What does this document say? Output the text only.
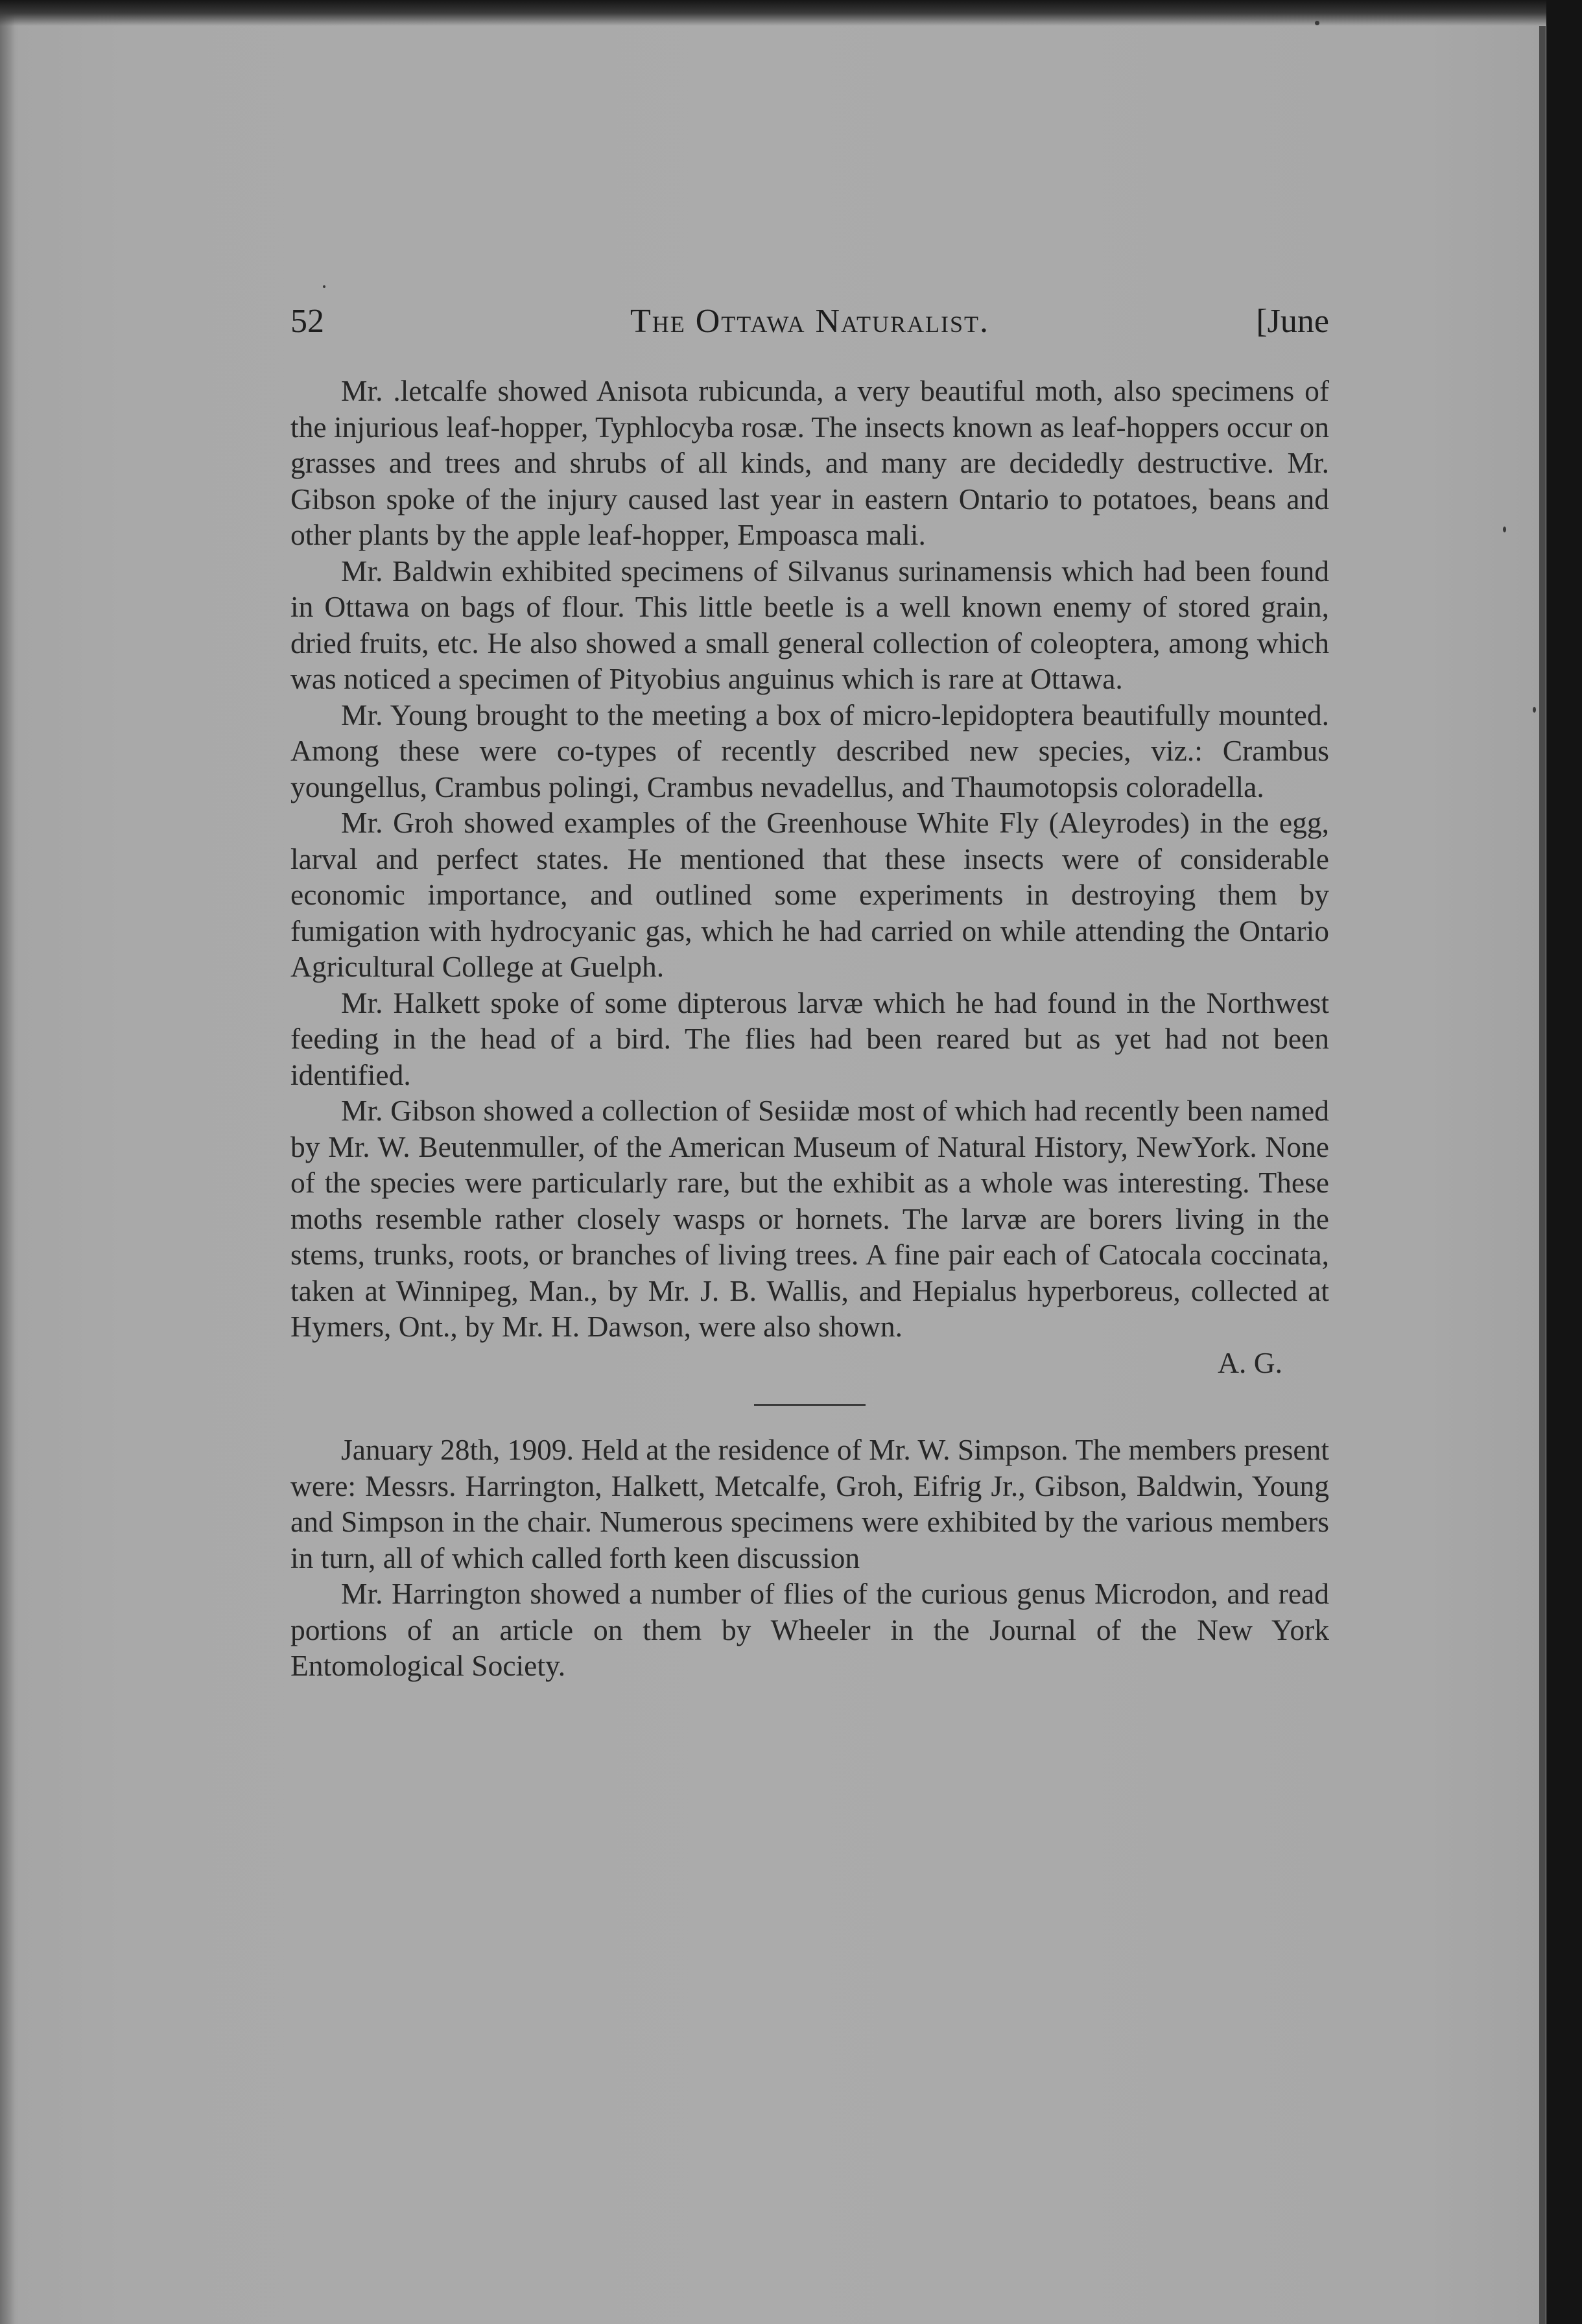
52	The Ottawa Naturalist.	[June

Mr. .letcalfe showed Anisota rubicunda, a very beautiful moth, also specimens of the injurious leaf-hopper, Typhlocyba rosæ. The insects known as leaf-hoppers occur on grasses and trees and shrubs of all kinds, and many are decidedly destructive. Mr. Gibson spoke of the injury caused last year in eastern Ontario to potatoes, beans and other plants by the apple leaf-hopper, Empoasca mali.

Mr. Baldwin exhibited specimens of Silvanus surinamensis which had been found in Ottawa on bags of flour. This little beetle is a well known enemy of stored grain, dried fruits, etc. He also showed a small general collection of coleoptera, among which was noticed a specimen of Pityobius anguinus which is rare at Ottawa.

Mr. Young brought to the meeting a box of micro-lepidoptera beautifully mounted. Among these were co-types of recently described new species, viz.: Crambus youngellus, Crambus polingi, Crambus nevadellus, and Thaumotopsis coloradella.

Mr. Groh showed examples of the Greenhouse White Fly (Aleyrodes) in the egg, larval and perfect states. He mentioned that these insects were of considerable economic importance, and outlined some experiments in destroying them by fumigation with hydrocyanic gas, which he had carried on while attending the Ontario Agricultural College at Guelph.

Mr. Halkett spoke of some dipterous larvæ which he had found in the Northwest feeding in the head of a bird. The flies had been reared but as yet had not been identified.

Mr. Gibson showed a collection of Sesiidæ most of which had recently been named by Mr. W. Beutenmuller, of the American Museum of Natural History, NewYork. None of the species were particularly rare, but the exhibit as a whole was interesting. These moths resemble rather closely wasps or hornets. The larvæ are borers living in the stems, trunks, roots, or branches of living trees. A fine pair each of Catocala coccinata, taken at Winnipeg, Man., by Mr. J. B. Wallis, and Hepialus hyperboreus, collected at Hymers, Ont., by Mr. H. Dawson, were also shown.

A. G.

January 28th, 1909. Held at the residence of Mr. W. Simpson. The members present were: Messrs. Harrington, Halkett, Metcalfe, Groh, Eifrig Jr., Gibson, Baldwin, Young and Simpson in the chair. Numerous specimens were exhibited by the various members in turn, all of which called forth keen discussion

Mr. Harrington showed a number of flies of the curious genus Microdon, and read portions of an article on them by Wheeler in the Journal of the New York Entomological Society.
